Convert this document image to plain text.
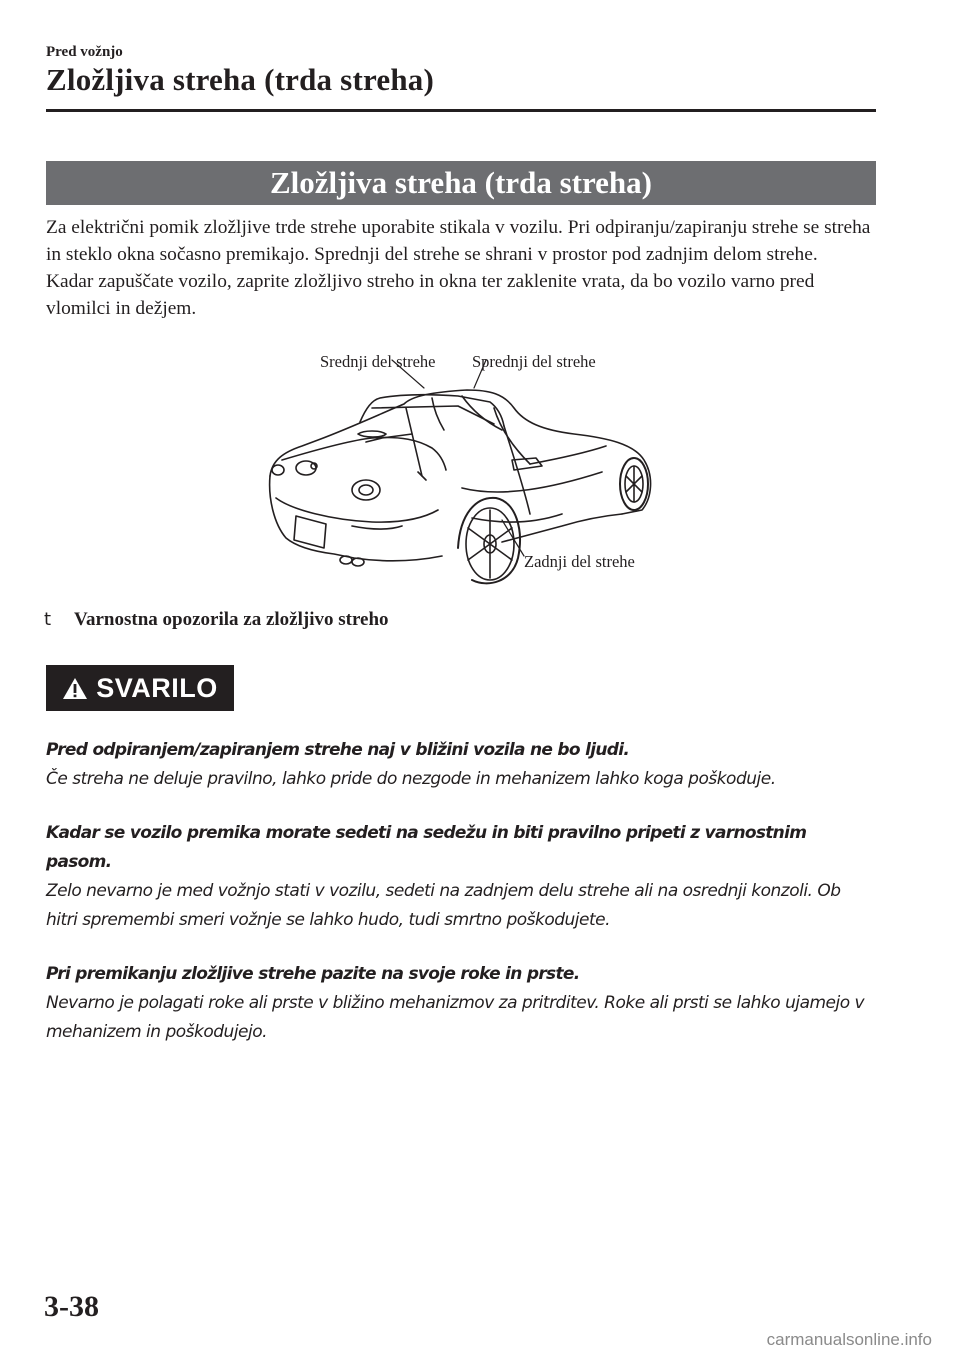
Pred vožnjo
Zložljiva streha (trda streha)
Zložljiva streha (trda streha)

Za električni pomik zložljive trde strehe uporabite stikala v vozilu. Pri odpiranju/zapiranju strehe se streha in steklo okna sočasno premikajo. Sprednji del strehe se shrani v prostor pod zadnjim delom strehe.

Kadar zapuščate vozilo, zaprite zložljivo streho in okna ter zaklenite vrata, da bo vozilo varno pred vlomilci in dežjem.

Srednji del strehe Sprednji del strehe
Zadnji del strehe
t	Varnostna opozorila za zložljivo streho
SVARILO
Pred odpiranjem/zapiranjem strehe naj v bližini vozila ne bo ljudi.
Če streha ne deluje pravilno, lahko pride do nezgode in mehanizem lahko koga poškoduje.
Kadar se vozilo premika morate sedeti na sedežu in biti pravilno pripeti z varnostnim pasom.
Zelo nevarno je med vožnjo stati v vozilu, sedeti na zadnjem delu strehe ali na osrednji konzoli. Ob hitri spremembi smeri vožnje se lahko hudo, tudi smrtno poškodujete.
Pri premikanju zložljive strehe pazite na svoje roke in prste.
Nevarno je polagati roke ali prste v bližino mehanizmov za pritrditev. Roke ali prsti se lahko ujamejo v mehanizem in poškodujejo.
3-38
carmanualsonline.info
